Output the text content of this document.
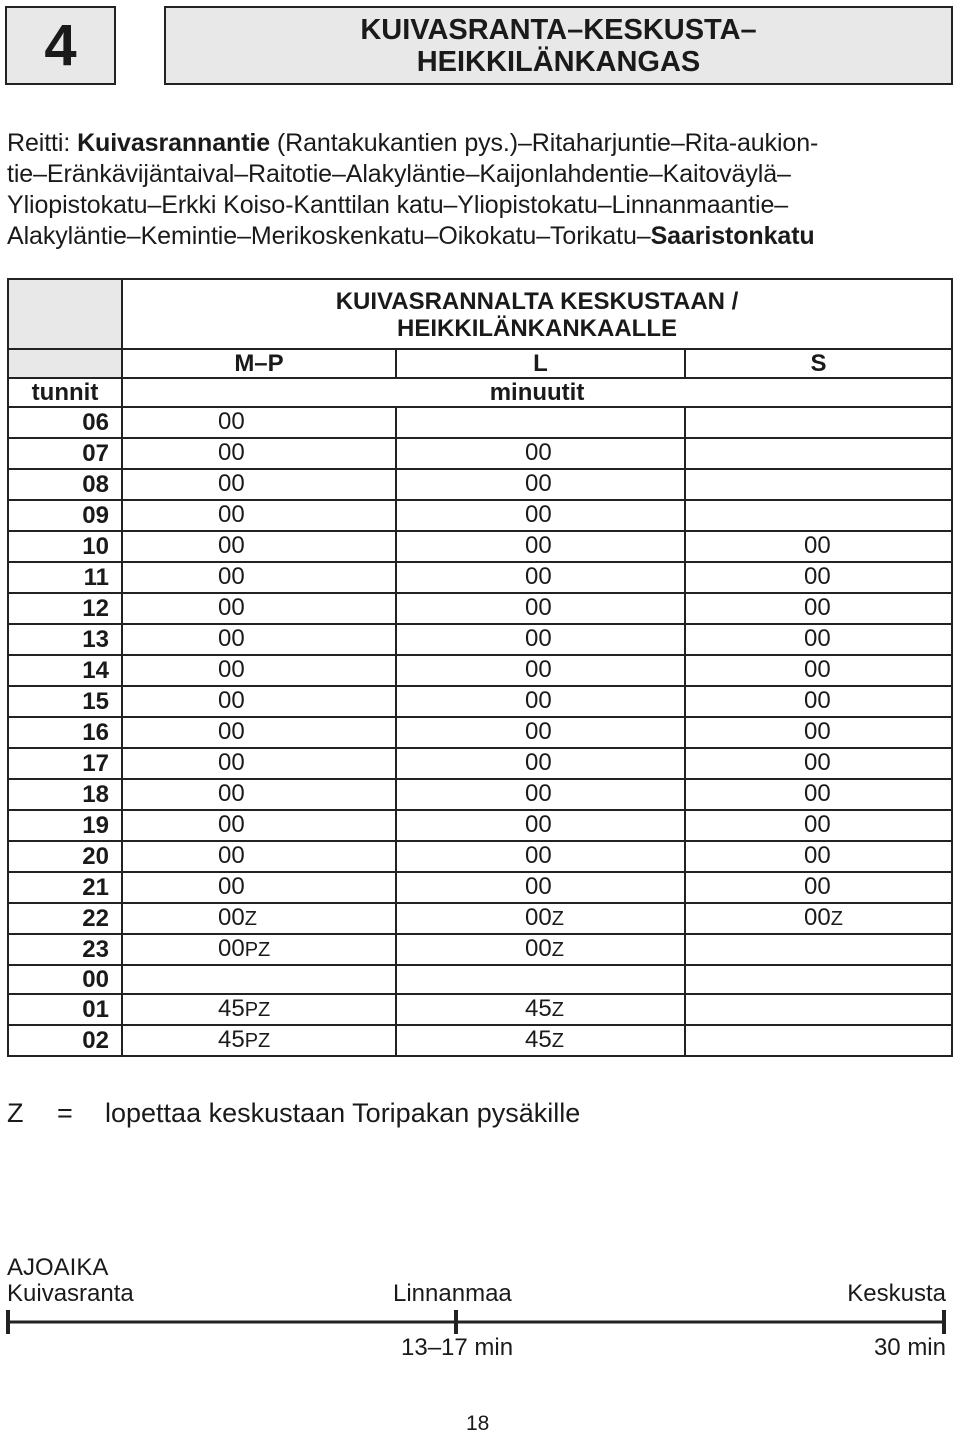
4	KUIVASRANTA–KESKUSTA–
HEIKKILÄNKANGAS
Reitti: Kuivasrannantie (Rantakukantien pys.)–Ritaharjuntie–Rita-aukion-
tie–Eränkävijäntaival–Raitotie–Alakyläntie–Kaijonlahdentie–Kaitoväylä–
Yliopistokatu–Erkki Koiso-Kanttilan katu–Yliopistokatu–Linnanmaantie–
Alakyläntie–Kemintie–Merikoskenkatu–Oikokatu–Torikatu–Saaristonkatu

	KUIVASRANNALTA KESKUSTAAN /
HEIKKILÄNKANKAALLE		

	M–P	L	S
tunnit	minuutit		
06	00		
07	00	00	
08	00	00	
09	00	00	
10	00	00	00
11	00	00	00
12	00	00	00
13	00	00	00
14	00	00	00
15	00	00	00
16	00	00	00
17	00	00	00
18	00	00	00
19	00	00	00
20	00	00	00
21	00	00	00
22	00Z	00Z	00Z
23	00PZ	00Z	
00			
01	45PZ	45Z	
02	45PZ	45Z	
Z = lopettaa keskustaan Toripakan pysäkille
AJOAIKA
Kuivasranta	Linnanmaa	Keskusta
13–17 min	30 min
18
